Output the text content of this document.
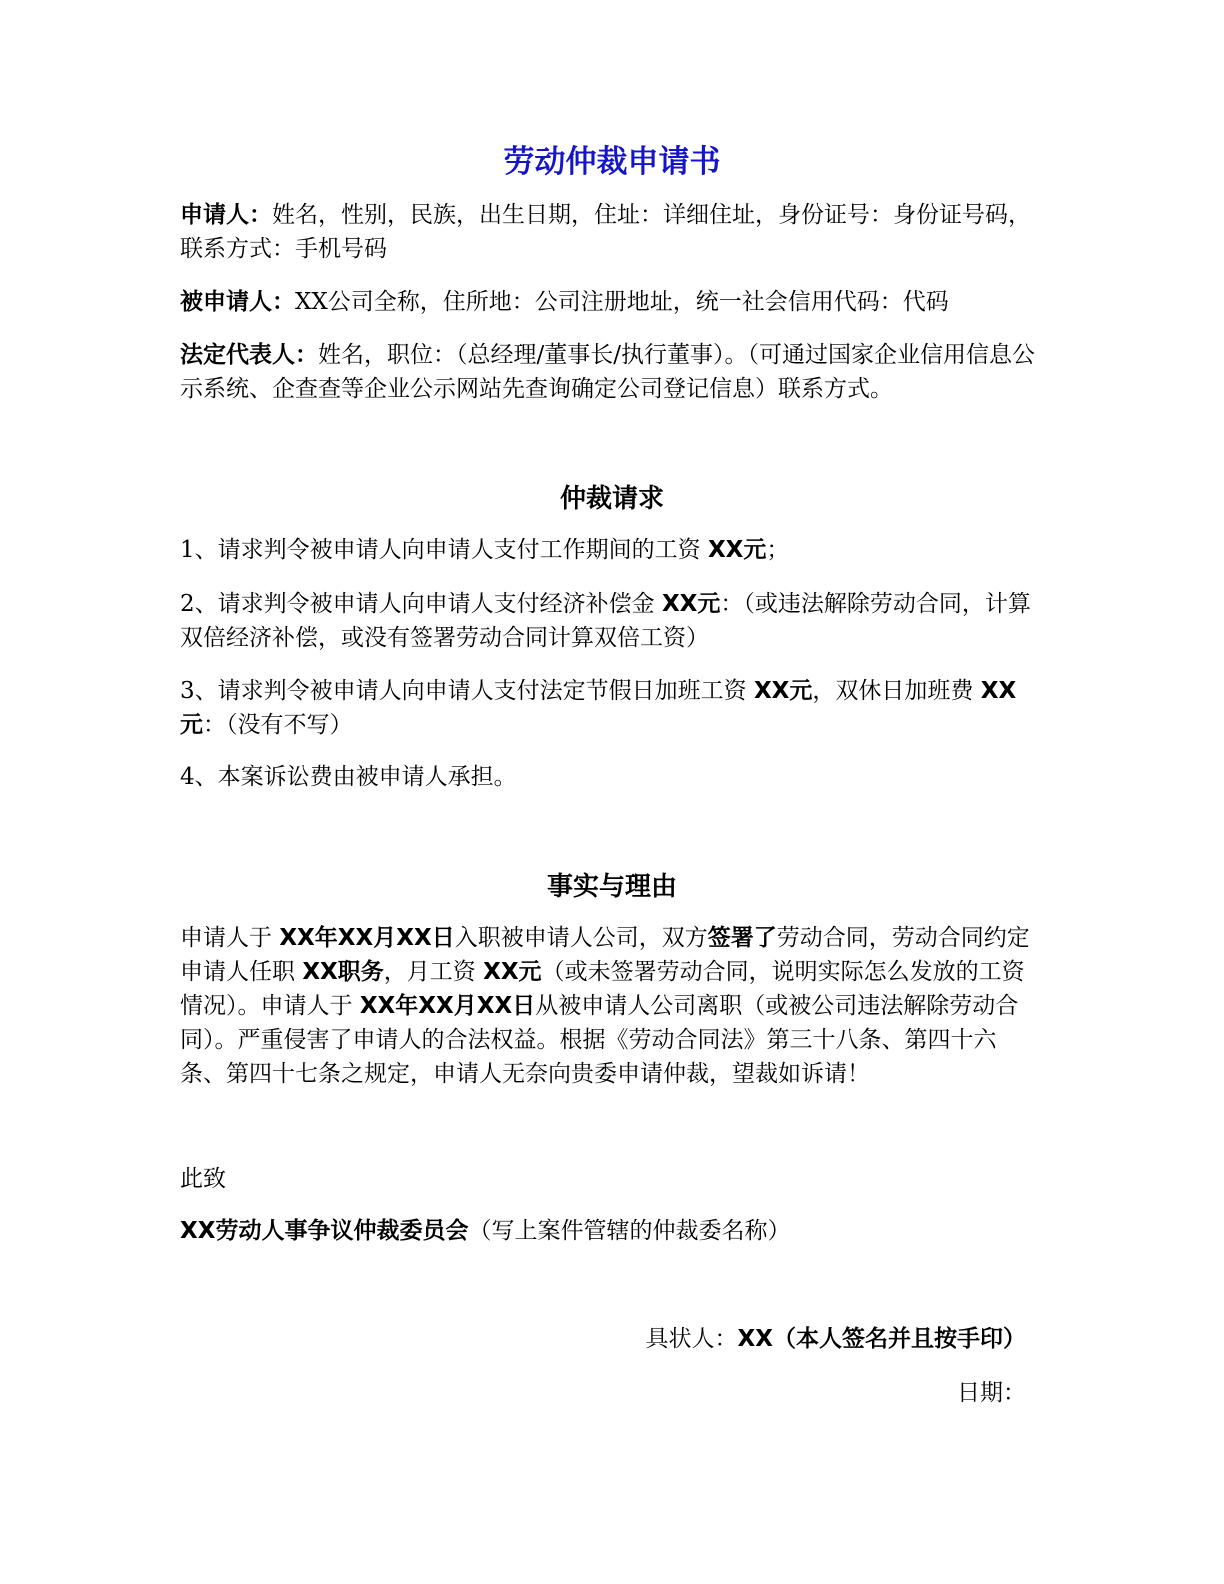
劳动仲裁申请书

申请人：姓名，性别，民族，出生日期，住址：详细住址，身份证号：身份证号码，联系方式：手机号码

被申请人：XX公司全称，住所地：公司注册地址，统一社会信用代码：代码

法定代表人：姓名，职位：（总经理/董事长/执行董事）。（可通过国家企业信用信息公示系统、企查查等企业公示网站先查询确定公司登记信息）联系方式。

仲裁请求

1、请求判令被申请人向申请人支付工作期间的工资 XX元；

2、请求判令被申请人向申请人支付经济补偿金 XX元：（或违法解除劳动合同，计算双倍经济补偿，或没有签署劳动合同计算双倍工资）

3、请求判令被申请人向申请人支付法定节假日加班工资 XX元，双休日加班费 XX元：（没有不写）

4、本案诉讼费由被申请人承担。

事实与理由

申请人于 XX年XX月XX日入职被申请人公司，双方签署了劳动合同，劳动合同约定申请人任职 XX职务，月工资 XX元（或未签署劳动合同，说明实际怎么发放的工资情况）。申请人于 XX年XX月XX日从被申请人公司离职（或被公司违法解除劳动合同）。严重侵害了申请人的合法权益。根据《劳动合同法》第三十八条、第四十六条、第四十七条之规定，申请人无奈向贵委申请仲裁，望裁如诉请！

此致

XX劳动人事争议仲裁委员会（写上案件管辖的仲裁委名称）

具状人：XX（本人签名并且按手印）
日期：
